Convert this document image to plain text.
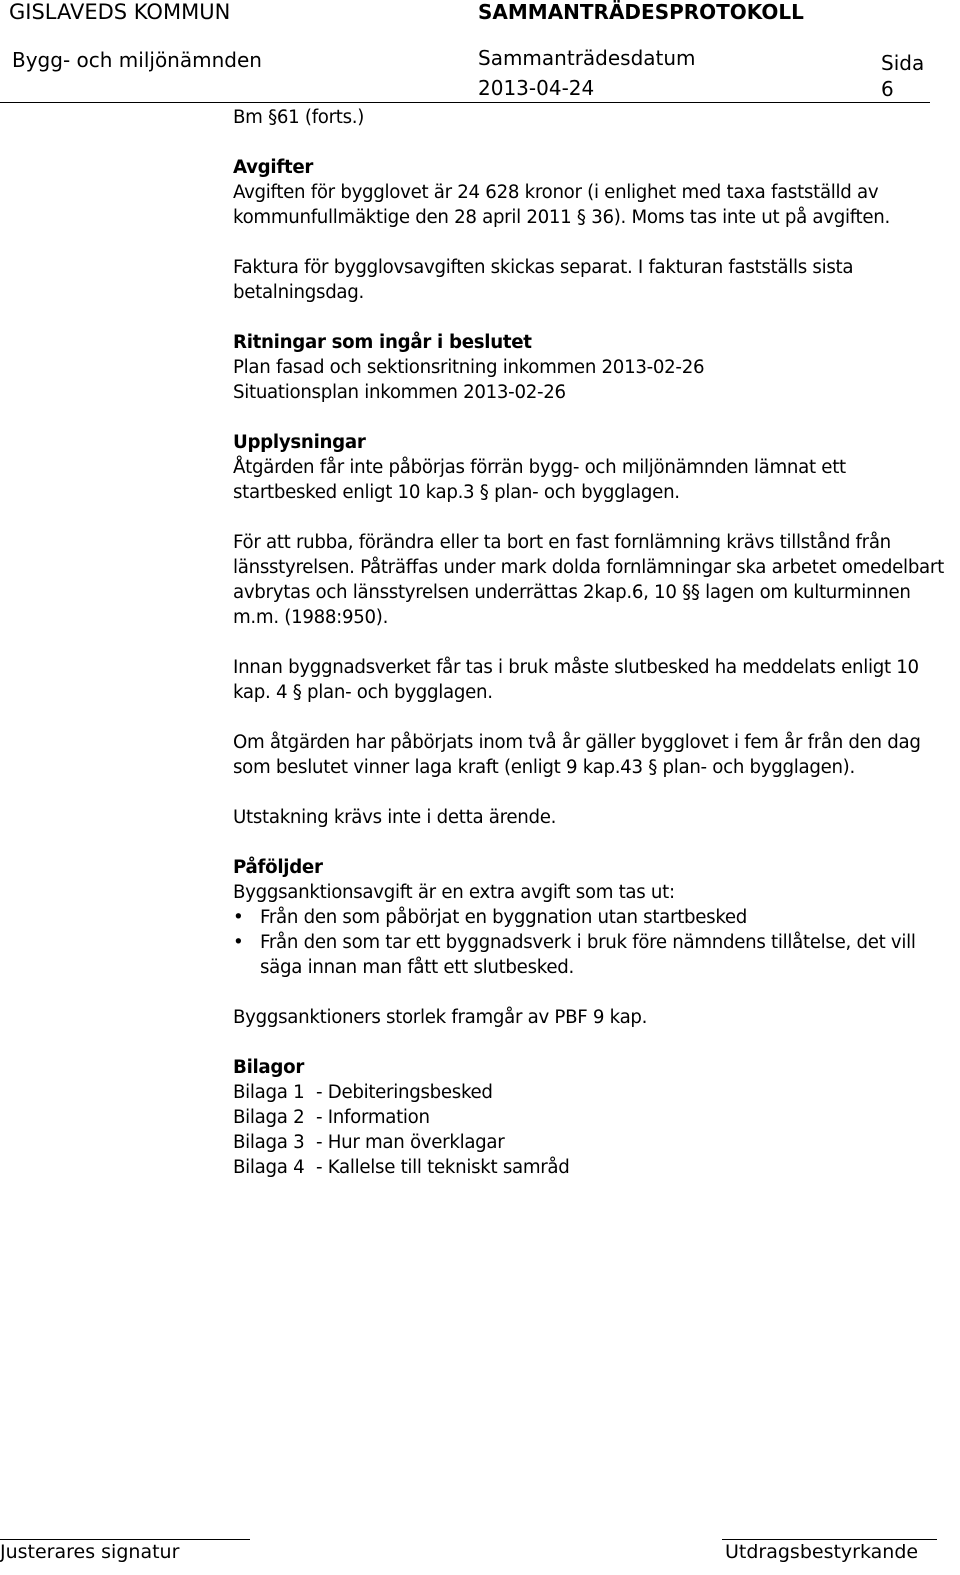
GISLAVEDS KOMMUN	SAMMANTRÄDESPROTOKOLL
Bygg- och miljönämnden	Sammanträdesdatum	Sida
2013-04-24	6

Bm §61 (forts.)

Avgifter

Avgiften för bygglovet är 24 628 kronor (i enlighet med taxa fastställd av kommunfullmäktige den 28 april 2011 § 36). Moms tas inte ut på avgiften.

Faktura för bygglovsavgiften skickas separat. I fakturan fastställs sista betalningsdag.

Ritningar som ingår i beslutet

Plan fasad och sektionsritning inkommen 2013-02-26

Situationsplan inkommen 2013-02-26

Upplysningar

Åtgärden får inte påbörjas förrän bygg- och miljönämnden lämnat ett startbesked enligt 10 kap.3 § plan- och bygglagen.

För att rubba, förändra eller ta bort en fast fornlämning krävs tillstånd från länsstyrelsen. Påträffas under mark dolda fornlämningar ska arbetet omedelbart avbrytas och länsstyrelsen underrättas 2kap.6, 10 §§ lagen om kulturminnen m.m. (1988:950).

Innan byggnadsverket får tas i bruk måste slutbesked ha meddelats enligt 10 kap. 4 § plan- och bygglagen.

Om åtgärden har påbörjats inom två år gäller bygglovet i fem år från den dag som beslutet vinner laga kraft (enligt 9 kap.43 § plan- och bygglagen).

Utstakning krävs inte i detta ärende.

Påföljder

Byggsanktionsavgift är en extra avgift som tas ut:

• Från den som påbörjat en byggnation utan startbesked
• Från den som tar ett byggnadsverk i bruk före nämndens tillåtelse, det vill säga innan man fått ett slutbesked.

Byggsanktioners storlek framgår av PBF 9 kap.

Bilagor

Bilaga 1 - Debiteringsbesked
Bilaga 2 - Information
Bilaga 3 - Hur man överklagar
Bilaga 4 - Kallelse till tekniskt samråd
Justerares signatur	Utdragsbestyrkande
